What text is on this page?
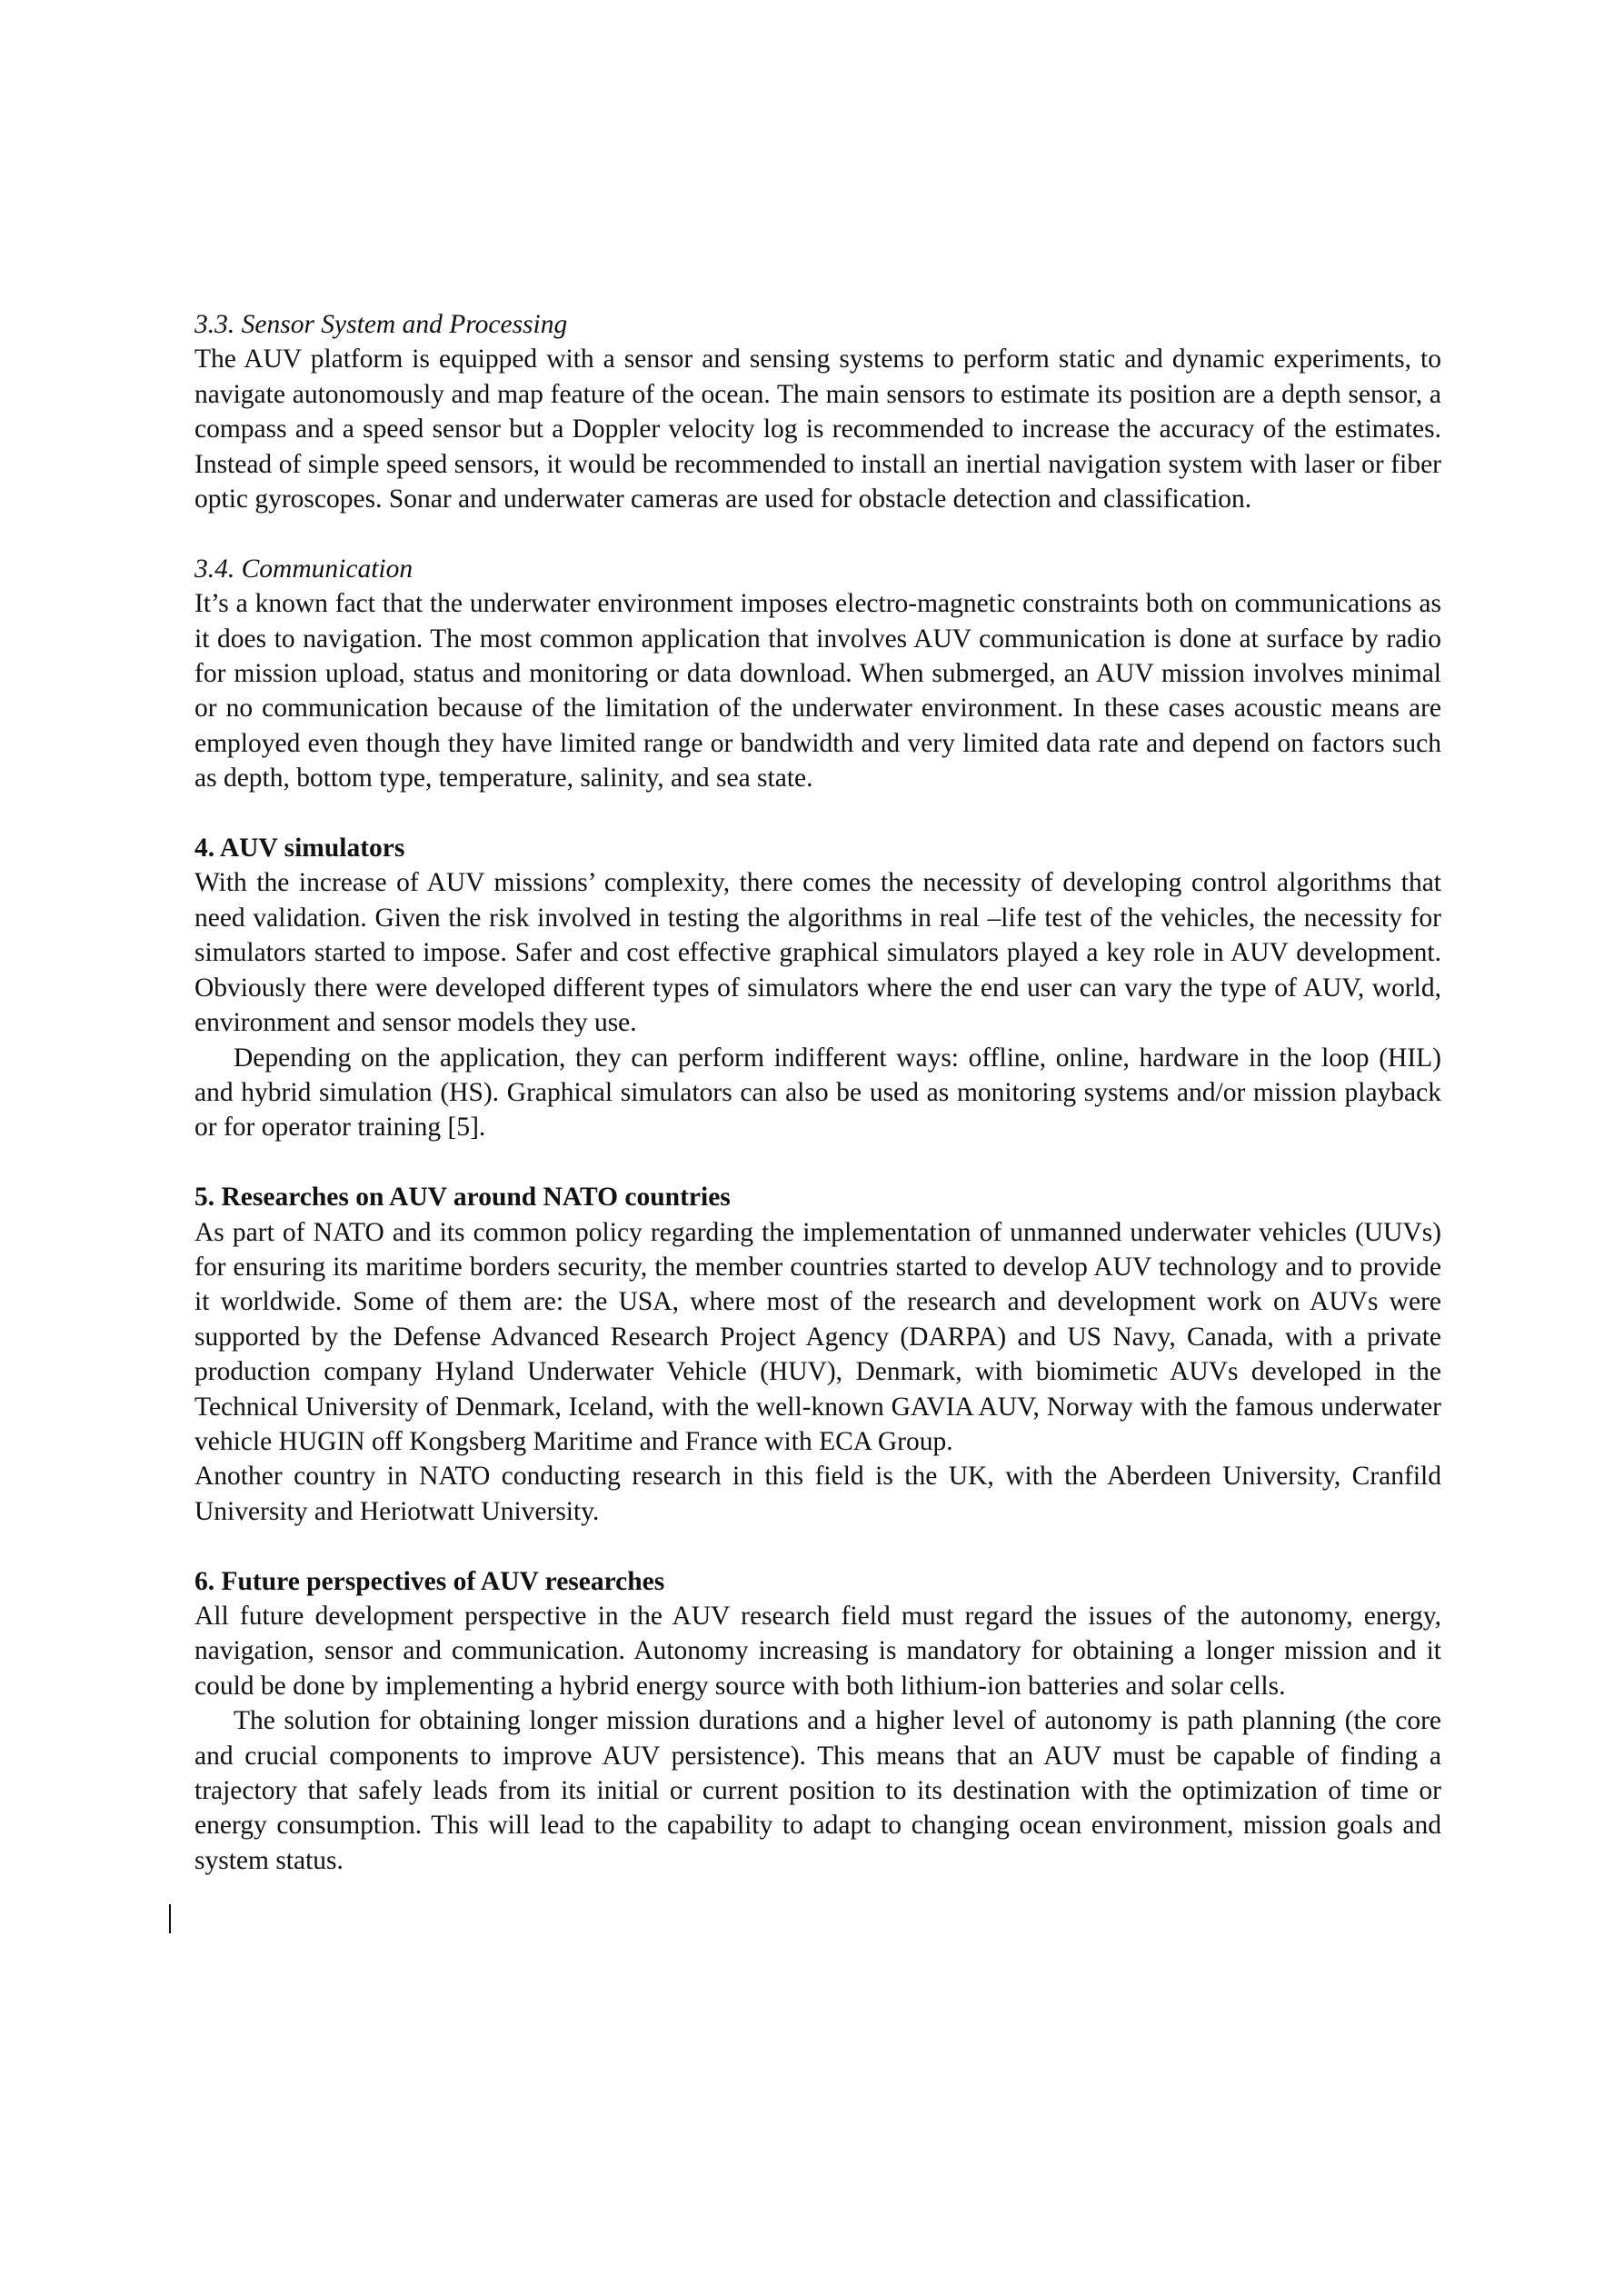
3.3. Sensor System and Processing

The AUV platform is equipped with a sensor and sensing systems to perform static and dynamic experiments, to navigate autonomously and map feature of the ocean. The main sensors to estimate its position are a depth sensor, a compass and a speed sensor but a Doppler velocity log is recommended to increase the accuracy of the estimates. Instead of simple speed sensors, it would be recommended to install an inertial navigation system with laser or fiber optic gyroscopes. Sonar and underwater cameras are used for obstacle detection and classification.

3.4. Communication

It’s a known fact that the underwater environment imposes electro-magnetic constraints both on communications as it does to navigation. The most common application that involves AUV communication is done at surface by radio for mission upload, status and monitoring or data download. When submerged, an AUV mission involves minimal or no communication because of the limitation of the underwater environment. In these cases acoustic means are employed even though they have limited range or bandwidth and very limited data rate and depend on factors such as depth, bottom type, temperature, salinity, and sea state.

4. AUV simulators

With the increase of AUV missions’ complexity, there comes the necessity of developing control algorithms that need validation. Given the risk involved in testing the algorithms in real –life test of the vehicles, the necessity for simulators started to impose. Safer and cost effective graphical simulators played a key role in AUV development. Obviously there were developed different types of simulators where the end user can vary the type of AUV, world, environment and sensor models they use.

Depending on the application, they can perform indifferent ways: offline, online, hardware in the loop (HIL) and hybrid simulation (HS). Graphical simulators can also be used as monitoring systems and/or mission playback or for operator training [5].

5. Researches on AUV around NATO countries

As part of NATO and its common policy regarding the implementation of unmanned underwater vehicles (UUVs) for ensuring its maritime borders security, the member countries started to develop AUV technology and to provide it worldwide. Some of them are: the USA, where most of the research and development work on AUVs were supported by the Defense Advanced Research Project Agency (DARPA) and US Navy, Canada, with a private production company Hyland Underwater Vehicle (HUV), Denmark, with biomimetic AUVs developed in the Technical University of Denmark, Iceland, with the well-known GAVIA AUV, Norway with the famous underwater vehicle HUGIN off Kongsberg Maritime and France with ECA Group.

Another country in NATO conducting research in this field is the UK, with the Aberdeen University, Cranfild University and Heriotwatt University.

6. Future perspectives of AUV researches

All future development perspective in the AUV research field must regard the issues of the autonomy, energy, navigation, sensor and communication. Autonomy increasing is mandatory for obtaining a longer mission and it could be done by implementing a hybrid energy source with both lithium-ion batteries and solar cells.

The solution for obtaining longer mission durations and a higher level of autonomy is path planning (the core and crucial components to improve AUV persistence). This means that an AUV must be capable of finding a trajectory that safely leads from its initial or current position to its destination with the optimization of time or energy consumption. This will lead to the capability to adapt to changing ocean environment, mission goals and system status.
